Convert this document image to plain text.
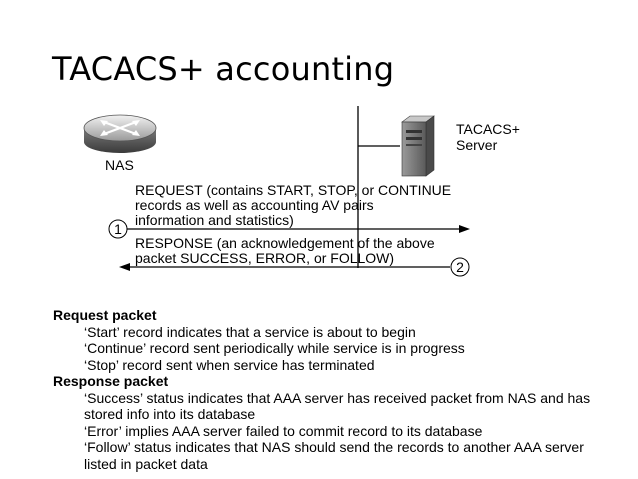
TACACS+ accounting
NAS
TACACS+
Server
REQUEST (contains START, STOP, or CONTINUE
records as well as accounting AV pairs
information and statistics)
1
RESPONSE (an acknowledgement of the above
packet SUCCESS, ERROR, or FOLLOW)
2
Request packet
‘Start’ record indicates that a service is about to begin
‘Continue’ record sent periodically while service is in progress
‘Stop’ record sent when service has terminated
Response packet
‘Success’ status indicates that AAA server has received packet from NAS and has stored info into its database
‘Error’ implies AAA server failed to commit record to its database
‘Follow’ status indicates that NAS should send the records to another AAA server listed in packet data
